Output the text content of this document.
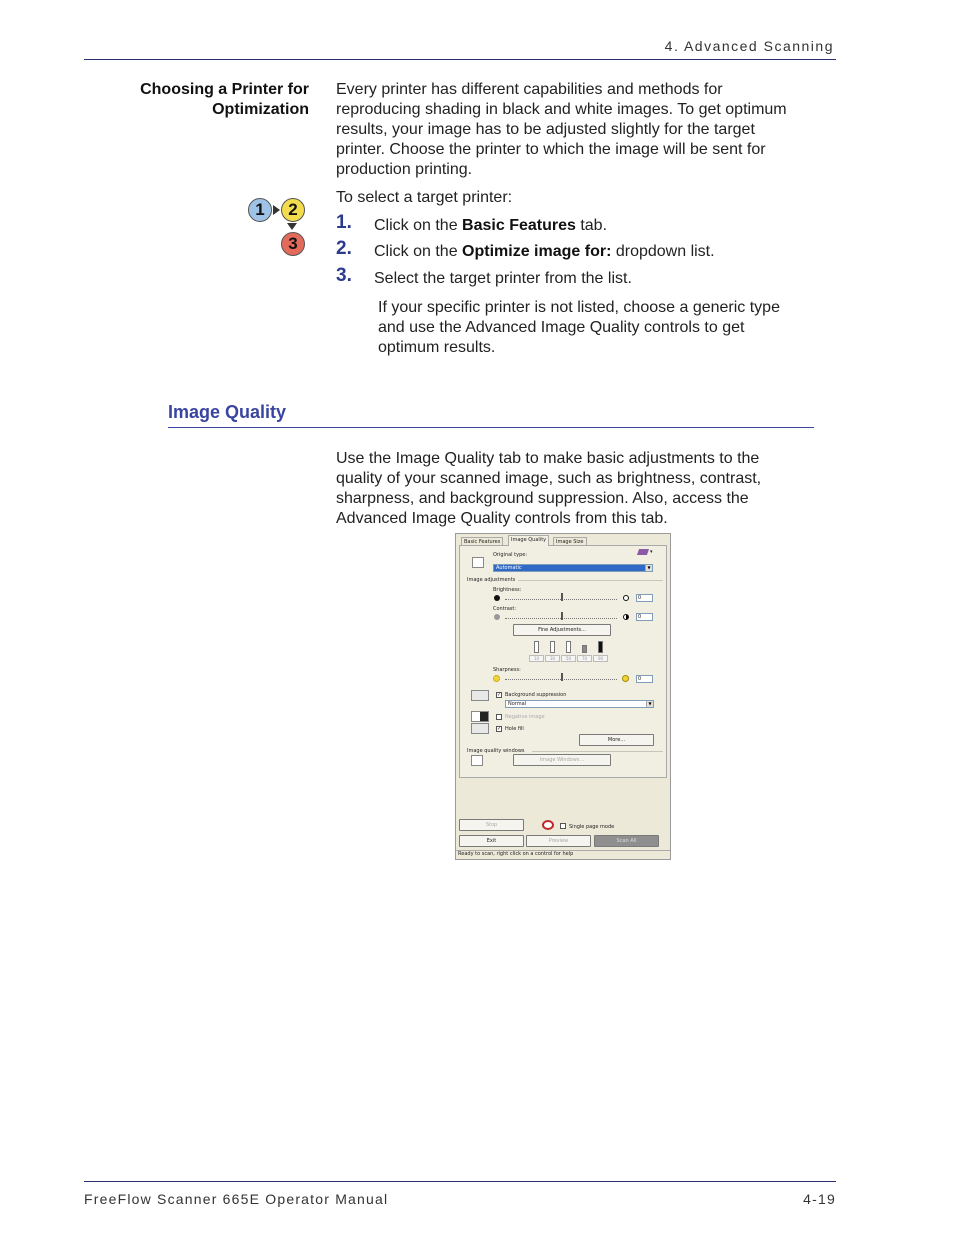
4. Advanced Scanning
Choosing a Printer for
Optimization
Every printer has different capabilities and methods for
reproducing shading in black and white images. To get optimum
results, your image has to be adjusted slightly for the target
printer. Choose the printer to which the image will be sent for
production printing.
1	2
3
To select a target printer:
1. Click on the Basic Features tab.
2. Click on the Optimize image for: dropdown list.
3. Select the target printer from the list.
If your specific printer is not listed, choose a generic type
and use the Advanced Image Quality controls to get
optimum results.
Image Quality
Use the Image Quality tab to make basic adjustments to the
quality of your scanned image, such as brightness, contrast,
sharpness, and background suppression. Also, access the
Advanced Image Quality controls from this tab.
Basic Features	Image Quality	Image Size
Original type:	▾
Automatic	▼
Image adjustments
Brightness:
0
Contrast:
0
Fine Adjustments...
10	30	50	70	90
Sharpness:
0
✓ Background suppression
Normal	▼
Negative image
✓ Hole fill
More...
Image quality windows
Image Windows...
Stop	Single page mode
Exit	Preview	Scan All
Ready to scan, right click on a control for help
FreeFlow Scanner 665E Operator Manual	4-19
